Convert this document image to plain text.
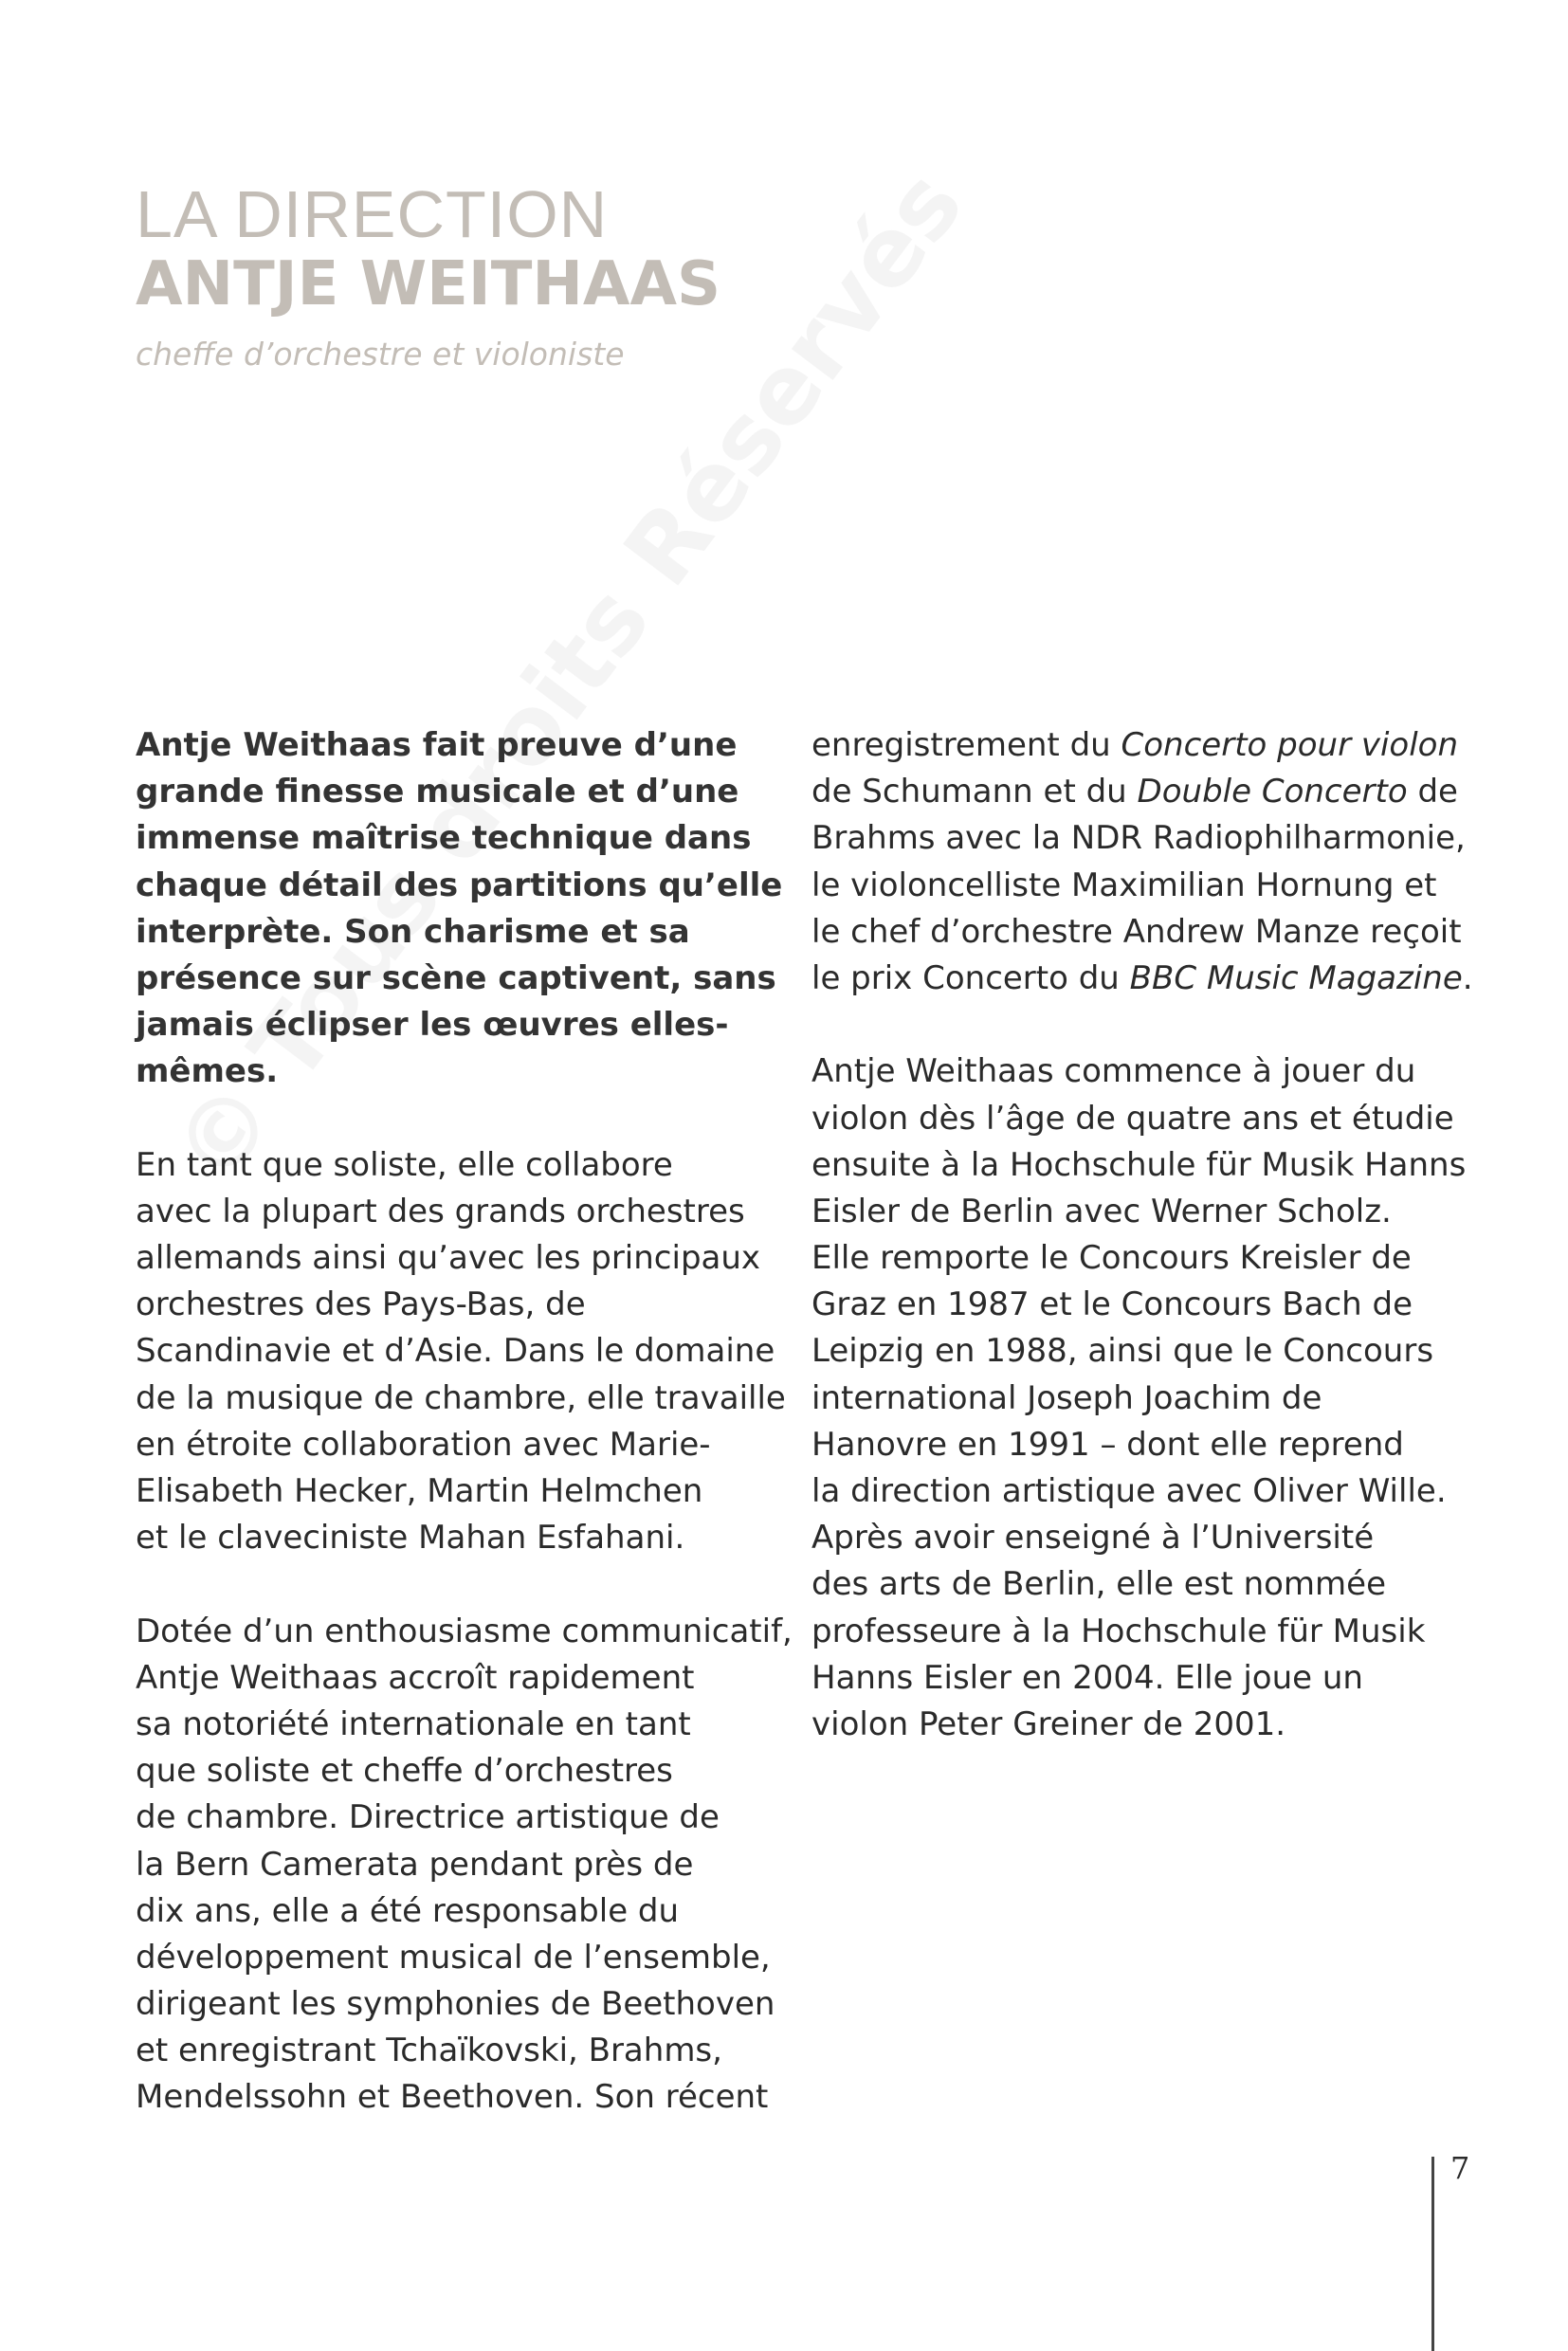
LA DIRECTION
ANTJE WEITHAAS
cheffe d’orchestre et violoniste
Antje Weithaas fait preuve d’une
grande finesse musicale et d’une
immense maîtrise technique dans
chaque détail des partitions qu’elle
interprète. Son charisme et sa
présence sur scène captivent, sans
jamais éclipser les œuvres elles-
mêmes.
En tant que soliste, elle collabore
avec la plupart des grands orchestres
allemands ainsi qu’avec les principaux
orchestres des Pays-Bas, de
Scandinavie et d’Asie. Dans le domaine
de la musique de chambre, elle travaille
en étroite collaboration avec Marie-
Elisabeth Hecker, Martin Helmchen
et le claveciniste Mahan Esfahani.
Dotée d’un enthousiasme communicatif,
Antje Weithaas accroît rapidement
sa notoriété internationale en tant
que soliste et cheffe d’orchestres
de chambre. Directrice artistique de
la Bern Camerata pendant près de
dix ans, elle a été responsable du
développement musical de l’ensemble,
dirigeant les symphonies de Beethoven
et enregistrant Tchaïkovski, Brahms,
Mendelssohn et Beethoven. Son récent
enregistrement du Concerto pour violon
de Schumann et du Double Concerto de
Brahms avec la NDR Radiophilharmonie,
le violoncelliste Maximilian Hornung et
le chef d’orchestre Andrew Manze reçoit
le prix Concerto du BBC Music Magazine.
Antje Weithaas commence à jouer du
violon dès l’âge de quatre ans et étudie
ensuite à la Hochschule für Musik Hanns
Eisler de Berlin avec Werner Scholz.
Elle remporte le Concours Kreisler de
Graz en 1987 et le Concours Bach de
Leipzig en 1988, ainsi que le Concours
international Joseph Joachim de
Hanovre en 1991 – dont elle reprend
la direction artistique avec Oliver Wille.
Après avoir enseigné à l’Université
des arts de Berlin, elle est nommée
professeure à la Hochschule für Musik
Hanns Eisler en 2004. Elle joue un
violon Peter Greiner de 2001.
7
